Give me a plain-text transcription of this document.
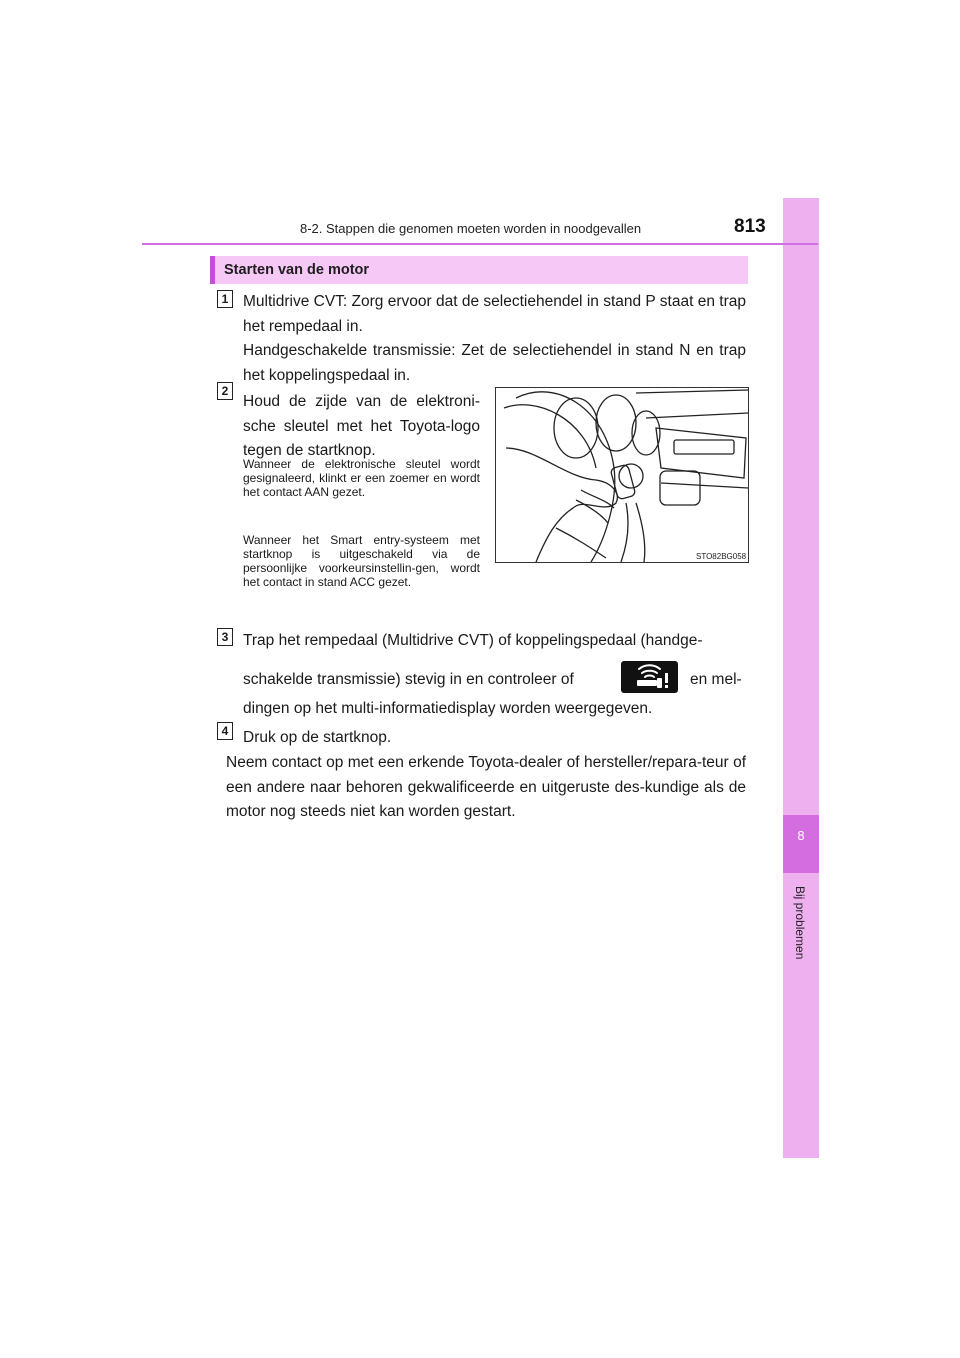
8
Bij problemen
8-2. Stappen die genomen moeten worden in noodgevallen	813
Starten van de motor
1 Multidrive CVT: Zorg ervoor dat de selectiehendel in stand P staat en trap het rempedaal in.
Handgeschakelde transmissie: Zet de selectiehendel in stand N en trap het koppelingspedaal in.
2
Houd de zijde van de elektroni-sche sleutel met het Toyota-logo tegen de startknop.
Wanneer de elektronische sleutel wordt gesignaleerd, klinkt er een zoemer en wordt het contact AAN gezet.
Wanneer het Smart entry-systeem met startknop is uitgeschakeld via de persoonlijke voorkeursinstellin-gen, wordt het contact in stand ACC gezet.
STO82BG058
3 Trap het rempedaal (Multidrive CVT) of koppelingspedaal (handge-
schakelde transmissie) stevig in en controleer of	en mel-
dingen op het multi-informatiedisplay worden weergegeven.
4 Druk op de startknop.
Neem contact op met een erkende Toyota-dealer of hersteller/repara-teur of een andere naar behoren gekwalificeerde en uitgeruste des-kundige als de motor nog steeds niet kan worden gestart.
